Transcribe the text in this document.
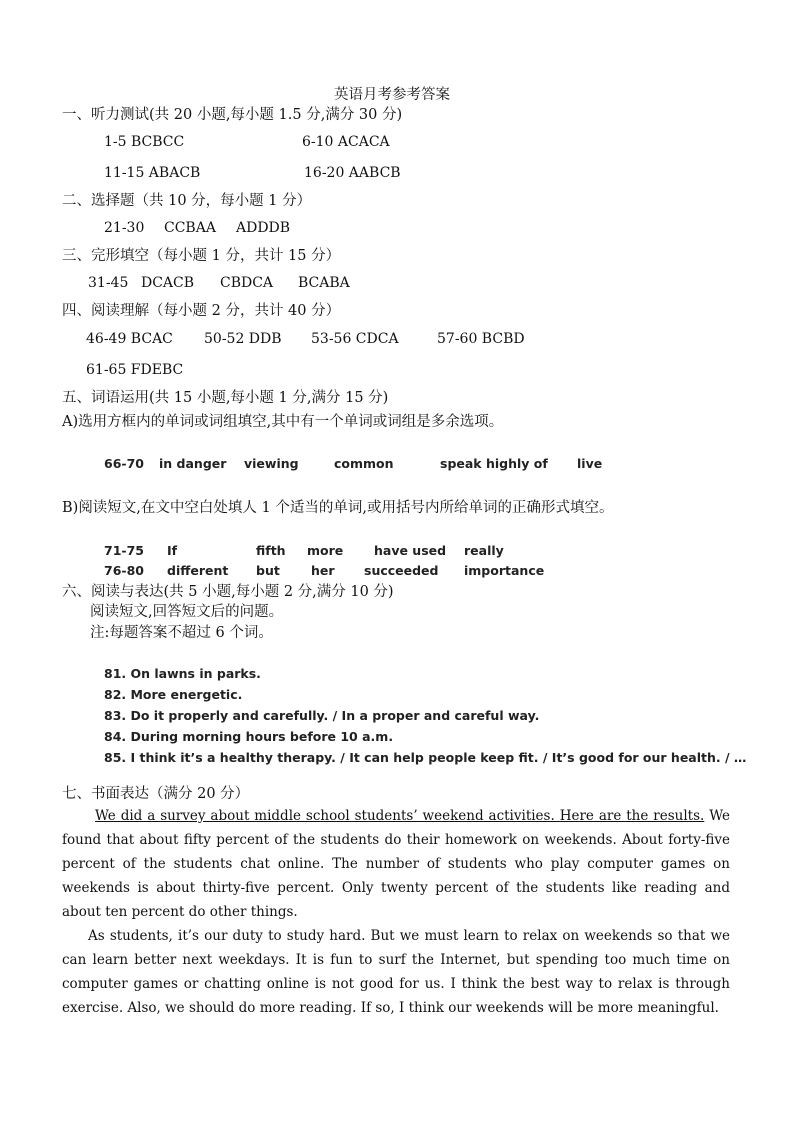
英语月考参考答案
一、听力测试(共 20 小题,每小题 1.5 分,满分 30 分)
1-5 BCBCC	6-10 ACACA
11-15 ABACB	16-20 AABCB
二、选择题（共 10 分，每小题 1 分）
21-30 CCBAA ADDDB
三、完形填空（每小题 1 分，共计 15 分）
31-45 DCACB CBDCA BCABA
四、阅读理解（每小题 2 分，共计 40 分）
46-49 BCAC 50-52 DDB 53-56 CDCA	57-60 BCBD
61-65 FDEBC
五、词语运用(共 15 小题,每小题 1 分,满分 15 分)
A)选用方框内的单词或词组填空,其中有一个单词或词组是多余选项。
66-70 in danger viewing	common	speak highly of live
B)阅读短文,在文中空白处填人 1 个适当的单词,或用括号内所给单词的正确形式填空。
71-75 If	fifth more have used really
76-80 different but her succeeded importance
六、阅读与表达(共 5 小题,每小题 2 分,满分 10 分)
阅读短文,回答短文后的问题。
注:每题答案不超过 6 个词。
81. On lawns in parks.
82. More energetic.
83. Do it properly and carefully. / In a proper and careful way.
84. During morning hours before 10 a.m.
85. I think it’s a healthy therapy. / It can help people keep fit. / It’s good for our health. / …
七、书面表达（满分 20 分）
We did a survey about middle school students’ weekend activities. Here are the results. We found that about fifty percent of the students do their homework on weekends. About forty-five percent of the students chat online. The number of students who play computer games on weekends is about thirty-five percent. Only twenty percent of the students like reading and about ten percent do other things.
As students, it’s our duty to study hard. But we must learn to relax on weekends so that we can learn better next weekdays. It is fun to surf the Internet, but spending too much time on computer games or chatting online is not good for us. I think the best way to relax is through exercise. Also, we should do more reading. If so, I think our weekends will be more meaningful.
